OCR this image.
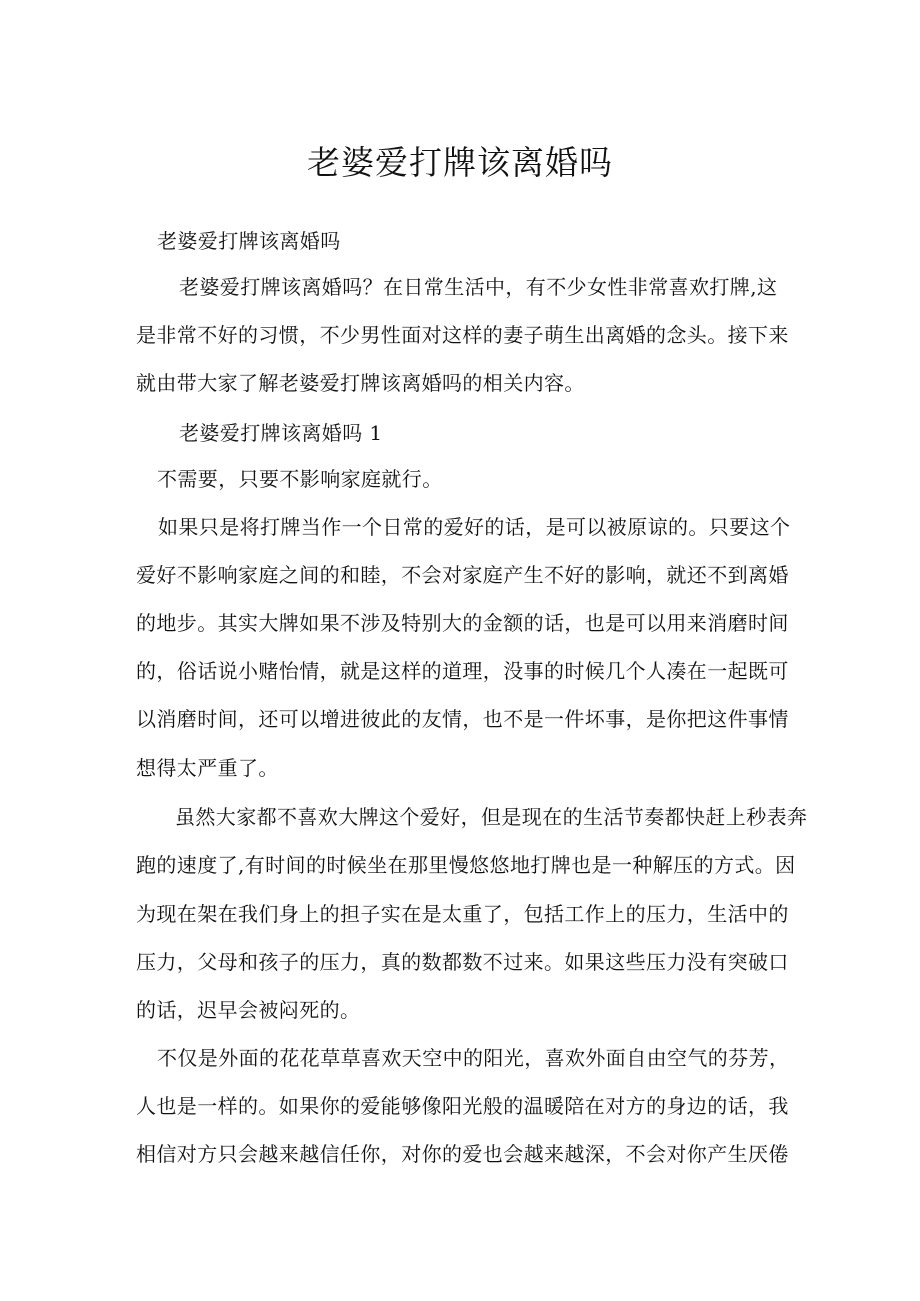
老婆爱打牌该离婚吗

老婆爱打牌该离婚吗

老婆爱打牌该离婚吗？在日常生活中，有不少女性非常喜欢打牌,这

是非常不好的习惯，不少男性面对这样的妻子萌生出离婚的念头。接下来

就由带大家了解老婆爱打牌该离婚吗的相关内容。

老婆爱打牌该离婚吗 1

不需要，只要不影响家庭就行。

如果只是将打牌当作一个日常的爱好的话，是可以被原谅的。只要这个

爱好不影响家庭之间的和睦，不会对家庭产生不好的影响，就还不到离婚

的地步。其实大牌如果不涉及特别大的金额的话，也是可以用来消磨时间

的，俗话说小赌怡情，就是这样的道理，没事的时候几个人凑在一起既可

以消磨时间，还可以增进彼此的友情，也不是一件坏事，是你把这件事情

想得太严重了。

虽然大家都不喜欢大牌这个爱好，但是现在的生活节奏都快赶上秒表奔

跑的速度了,有时间的时候坐在那里慢悠悠地打牌也是一种解压的方式。因

为现在架在我们身上的担子实在是太重了，包括工作上的压力，生活中的

压力，父母和孩子的压力，真的数都数不过来。如果这些压力没有突破口

的话，迟早会被闷死的。

不仅是外面的花花草草喜欢天空中的阳光，喜欢外面自由空气的芬芳，

人也是一样的。如果你的爱能够像阳光般的温暖陪在对方的身边的话，我

相信对方只会越来越信任你，对你的爱也会越来越深，不会对你产生厌倦
